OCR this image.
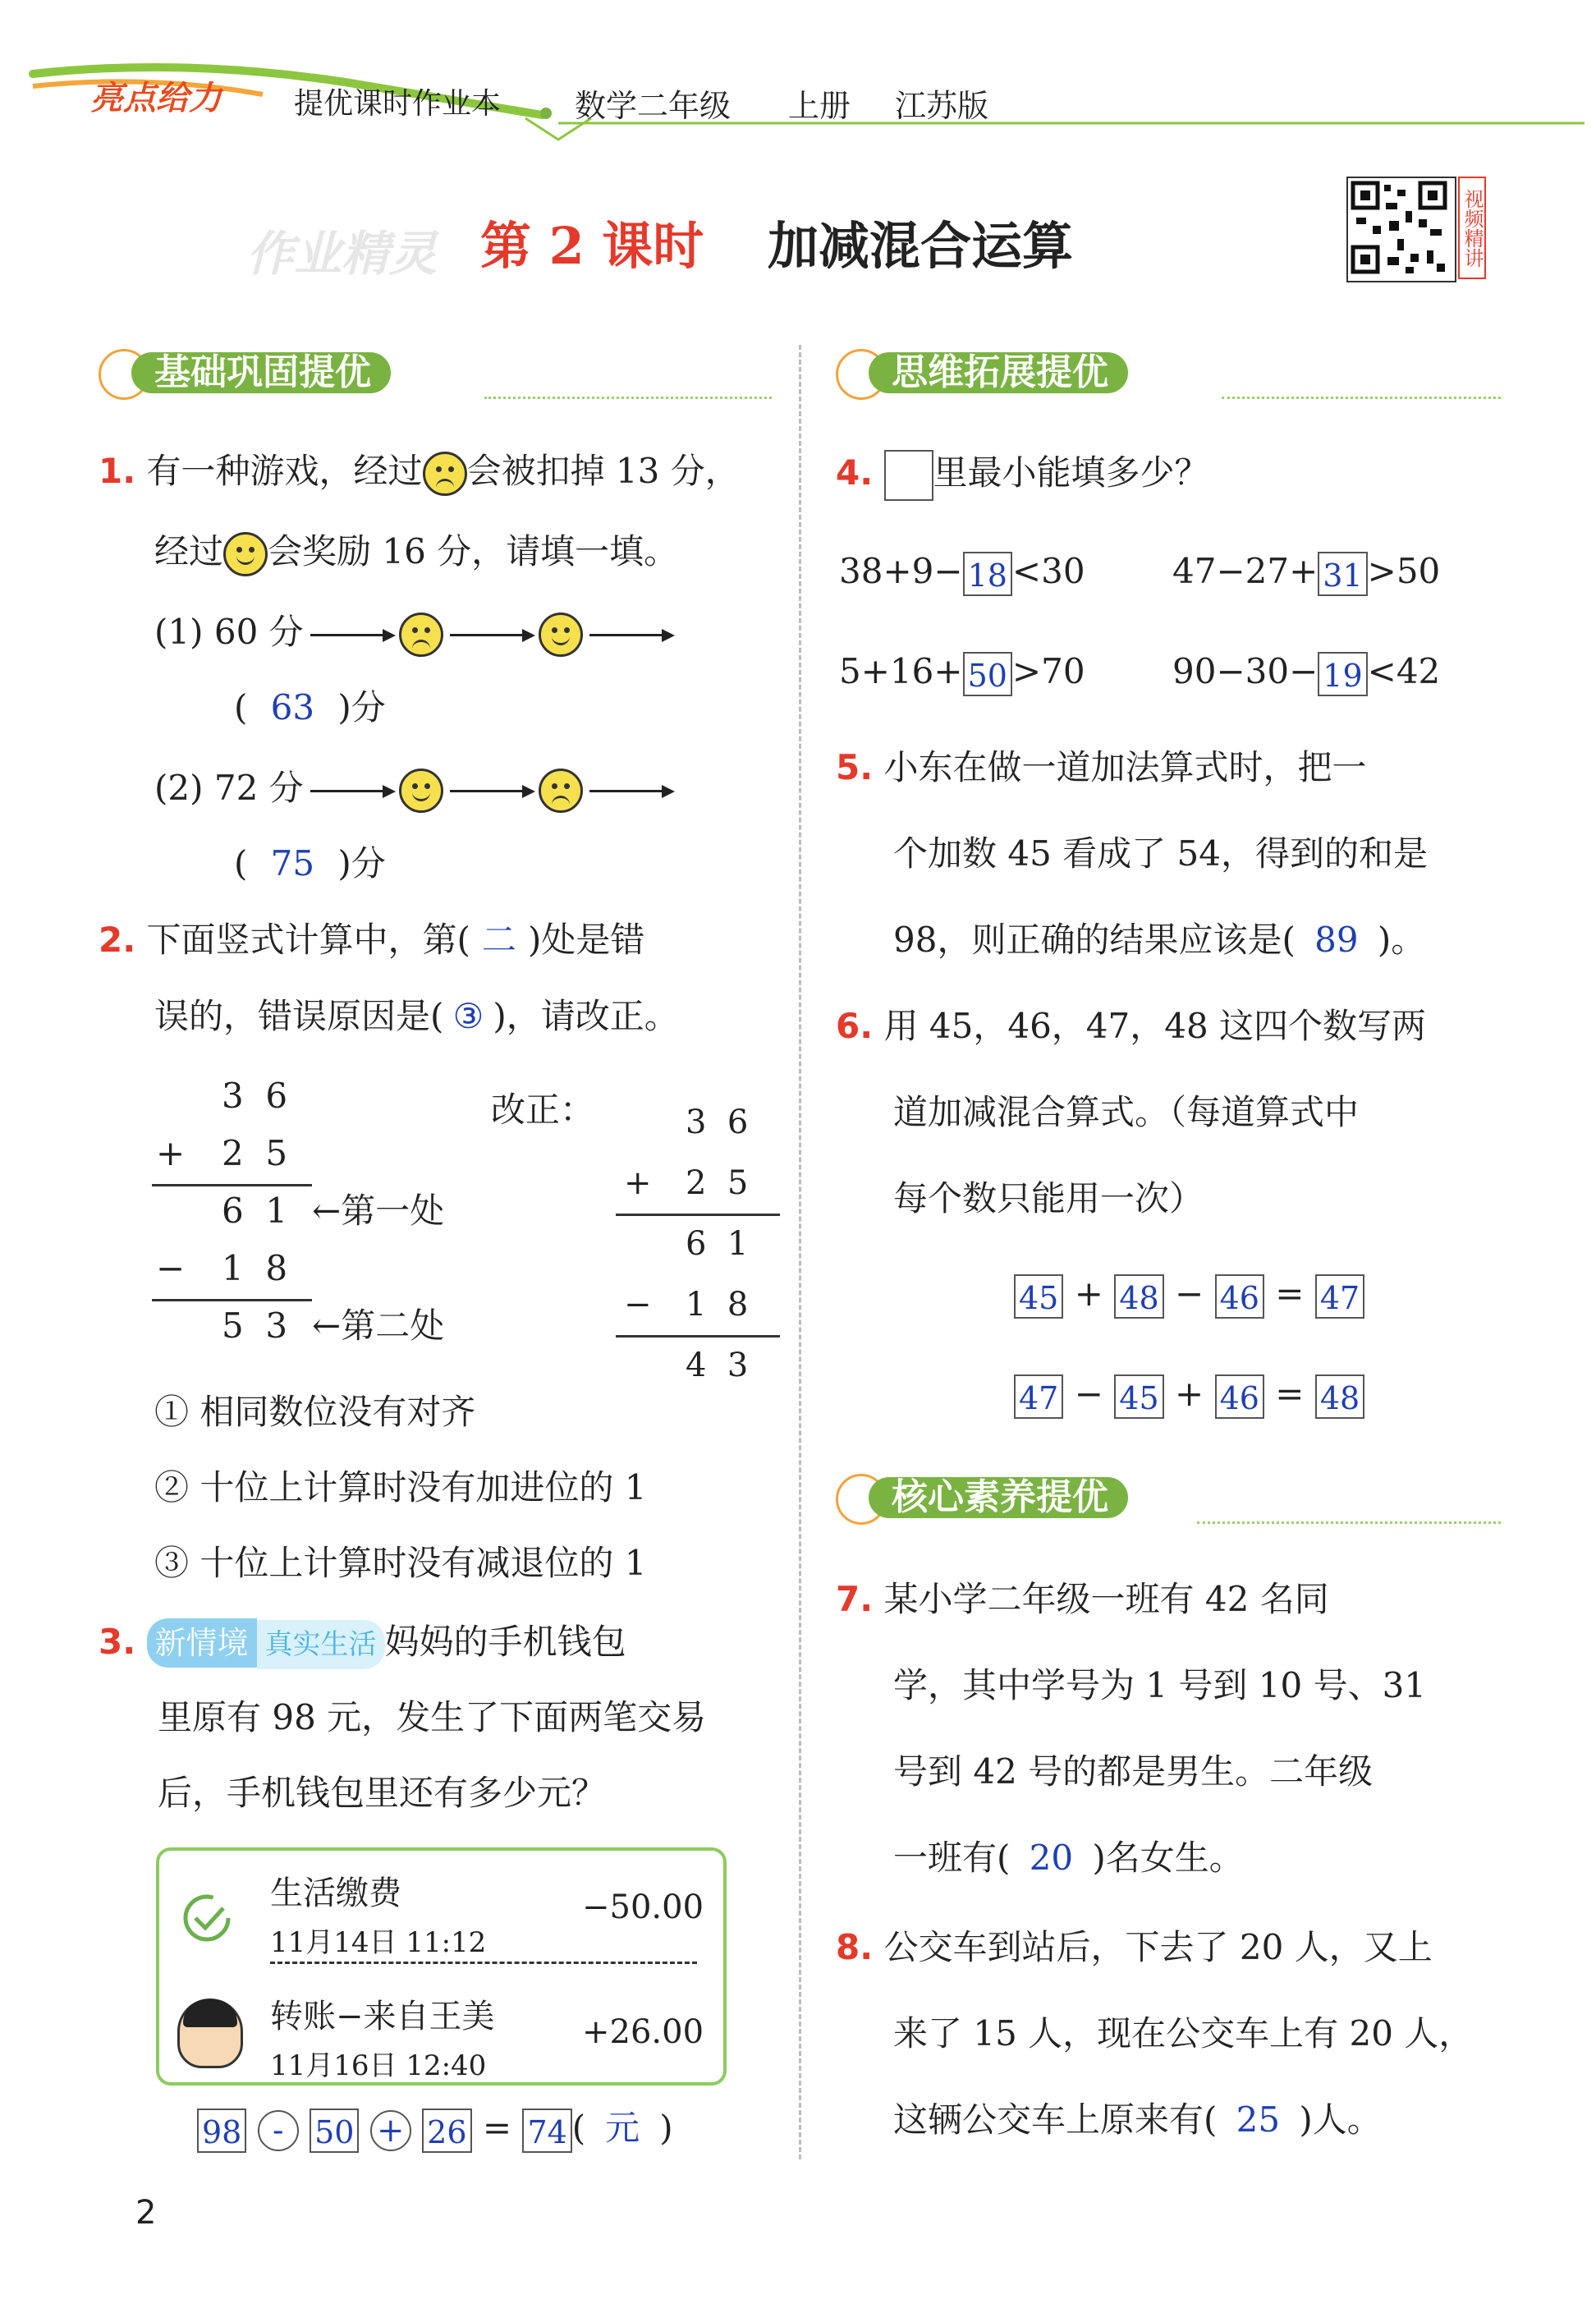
亮点给力 提优课时作业本 数学二年级 上册 江苏版
作业精灵 第 2 课时 加减混合运算	视频精讲
基础巩固提优
1. 有一种游戏，经过 会被扣掉 13 分，
经过 会奖励 16 分，请填一填。
(1) 60 分
( 63 )分
(2) 72 分
( 75 )分
2. 下面竖式计算中，第( 二 )处是错
误的，错误原因是( ③ )，请改正。
3  6
+ 2  5
6  1 ←第一处
− 1  8
5  3 ←第二处
改正：	3  6
+ 2  5
6  1
− 1  8
4  3
① 相同数位没有对齐
② 十位上计算时没有加进位的 1
③ 十位上计算时没有减退位的 1
3. 新情境 真实生活 妈妈的手机钱包
里原有 98 元，发生了下面两笔交易
后，手机钱包里还有多少元？
生活缴费
11月14日 11:12
−50.00
转账−来自王美
11月16日 12:40
+26.00
98 - 50 + 26 = 74 ( 元 )
思维拓展提优
4. 里最小能填多少？
38+9− 18 <30	47−27+ 31 >50
5+16+ 50 >70	90−30− 19 <42
5. 小东在做一道加法算式时，把一
个加数 45 看成了 54，得到的和是
98，则正确的结果应该是( 89 )。
6. 用 45，46，47，48 这四个数写两
道加减混合算式。（每道算式中
每个数只能用一次）
45 + 48 − 46 = 47
47 − 45 + 46 = 48
核心素养提优
7. 某小学二年级一班有 42 名同
学，其中学号为 1 号到 10 号、31
号到 42 号的都是男生。二年级
一班有( 20 )名女生。
8. 公交车到站后，下去了 20 人，又上
来了 15 人，现在公交车上有 20 人，
这辆公交车上原来有( 25 )人。
2
